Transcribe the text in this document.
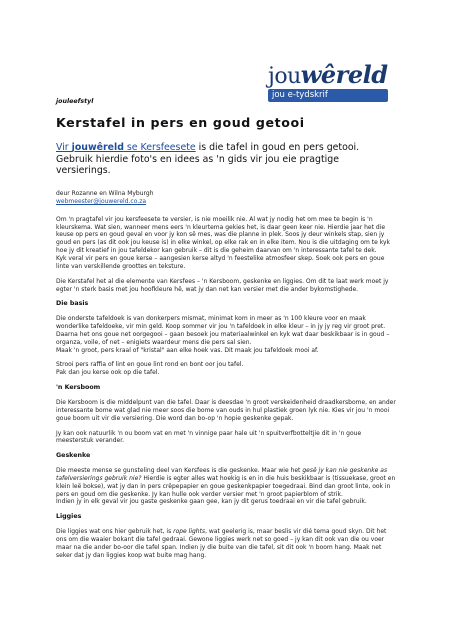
jouwêreld
jou e-tydskrif

jouleefstyl

Kerstafel in pers en goud getooi

Vir jouwêreld se Kersfeesete is die tafel in goud en pers getooi. Gebruik hierdie foto's en idees as 'n gids vir jou eie pragtige versierings.

deur Rozanne en Wilna Myburgh

webmeester@jouwereld.co.za

Om 'n pragtafel vir jou kersfeesete te versier, is nie moeilik nie. Al wat jy nodig het om mee te begin is 'n kleurskema. Wat sien, wanneer mens eers 'n kleurtema gekies het, is daar geen keer nie. Hierdie jaar het die keuse op pers en goud geval en voor jy kon sê mes, was die planne in plek. Soos jy deur winkels stap, sien jy goud en pers (as dit ook jou keuse is) in elke winkel, op elke rak en in elke item. Nou is die uitdaging om te kyk hoe jy dit kreatief in jou tafeldekor kan gebruik – dit is die geheim daarvan om 'n interessante tafel te dek.
Kyk veral vir pers en goue kerse – aangesien kerse altyd 'n feestelike atmosfeer skep. Soek ook pers en goue linte van verskillende groottes en teksture.

Die Kerstafel het al die elemente van Kersfees – 'n Kersboom, geskenke en liggies. Om dit te laat werk moet jy egter 'n sterk basis met jou hoofkleure hê, wat jy dan net kan versier met die ander bykomstighede.

Die basis

Die onderste tafeldoek is van donkerpers mismat, minimat kom in meer as 'n 100 kleure voor en maak wonderlike tafeldoeke, vir min geld. Koop sommer vir jou 'n tafeldoek in elke kleur – in jy jy reg vir groot pret.
Daarna het ons goue net oorgegooi – gaan besoek jou materiaalwinkel en kyk wat daar beskikbaar is in goud – organza, voile, of net – enigiets waardeur mens die pers sal sien.
Maak 'n groot, pers kraal of "kristal" aan elke hoek vas. Dit maak jou tafeldoek mooi af.

Strooi pers raffia of lint en goue lint rond en bont oor jou tafel.
Pak dan jou kerse ook op die tafel.

'n Kersboom

Die Kersboom is die middelpunt van die tafel. Daar is deesdae 'n groot verskeidenheid draadkersbome, en ander interessante bome wat glad nie meer soos die bome van ouds in hul plastiek groen lyk nie. Kies vir jou 'n mooi goue boom uit vir die versiering. Die word dan bo-op 'n hopie geskenke gepak.

Jy kan ook natuurlik 'n ou boom vat en met 'n vinnige paar hale uit 'n spuitverfbotteltjie dit in 'n goue meesterstuk verander.

Geskenke

Die meeste mense se gunsteling deel van Kersfees is die geskenke. Maar wie het gesê jy kan nie geskenke as tafelversierings gebruik nie? Hierdie is egter alles wat hoekig is en in die huis beskikbaar is (tissuekase, groot en klein leë bokse), wat jy dan in pers crêpepapier en goue geskenkpapier toegedraai. Bind dan groot linte, ook in pers en goud om die geskenke. Jy kan hulle ook verder versier met 'n groot papierblom of strik.
Indien jy in elk geval vir jou gaste geskenke gaan gee, kan jy dit gerus toedraai en vir die tafel gebruik.

Liggies

Die liggies wat ons hier gebruik het, is rope lights, wat geelerig is, maar beslis vir dié tema goud skyn. Dit het ons om die waaier bokant die tafel gedraai. Gewone liggies werk net so goed – jy kan dit ook van die ou voer maar na die ander bo-oor die tafel span. Indien jy die buite van die tafel, sit dit ook 'n boom hang. Maak net seker dat jy dan liggies koop wat buite mag hang.
